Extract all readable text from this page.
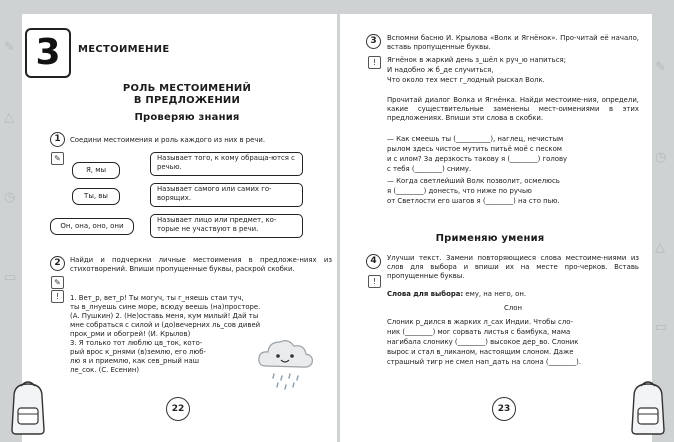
3	МЕСТОИМЕНИЕ
РОЛЬ МЕСТОИМЕНИЙ
В ПРЕДЛОЖЕНИИ
Проверяю знания
1	Соедини местоимения и роль каждого из них в речи.
✎
Я, мы
Ты, вы
Он, она, оно, они
Называет того, к кому обраща-ются с речью.
Называет самого или самих го-ворящих.
Называет лицо или предмет, ко-торые не участвуют в речи.
2
✎
!
Найди и подчеркни личные местоимения в предложе-ниях из стихотворений. Впиши пропущенные буквы, раскрой скобки.
1. Вет_р, вет_р! Ты могуч, ты г_няешь стаи туч,
ты в_лнуешь сине море, всюду веешь (на)просторе.
(А. Пушкин) 2. (Не)оставь меня, кум милый! Дай ты
мне собраться с силой и (до)вечерних ль_сов дивей
прок_рми и обогрей! (И. Крылов)
3. Я только тот люблю цв_ток, кото-
рый врос к_рнями (в)землю, его люб-
лю я и приемлю, как сев_рный наш
ле_сок. (С. Есенин)
22
3
!
Вспомни басню И. Крылова «Волк и Ягнёнок». Про-читай её начало, вставь пропущенные буквы.
Ягнёнок в жаркий день з_шёл к руч_ю напиться;
И надобно ж б_де случиться,
Что около тех мест г_лодный рыскал Волк.
Прочитай диалог Волка и Ягнёнка. Найди местоиме-ния, определи, какие существительные заменены мест-оимениями в этих предложениях. Впиши эти слова в скобки.
— Как смеешь ты (__________), наглец, нечистым
рылом здесь чистое мутить питьё моё с песком
и с илом? За дерзкость такову я (________) голову
с тебя (________) сниму.
— Когда светлейший Волк позволит, осмелюсь
я (________) донесть, что ниже по ручью
от Светлости его шагов я (________) на сто пью.
Применяю умения
4
!
Улучши текст. Замени повторяющиеся слова местоиме-ниями из слов для выбора и впиши их на месте про-черков. Вставь пропущенные буквы.
Слова для выбора: ему, на него, он.
Слон
Слоник р_дился в жарких л_сах Индии. Чтобы сло-
ник (________) мог сорвать листья с бамбука, мама
нагибала слонику (________) высокое дер_во. Слоник
вырос и стал в_ликаном, настоящим слоном. Даже
страшный тигр не смел нап_дать на слона (________).
23
✎
△
◷
▭
✎
◷
△
▭
